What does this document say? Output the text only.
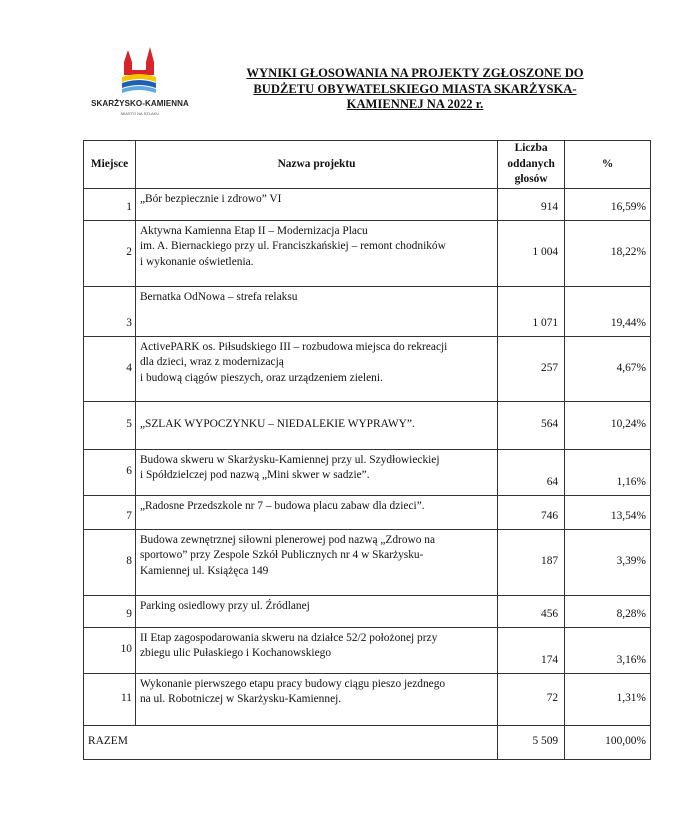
SKARŻYSKO-KAMIENNA
MIASTO NA SZLAKU
WYNIKI GŁOSOWANIA NA PROJEKTY ZGŁOSZONE DO
BUDŻETU OBYWATELSKIEGO MIASTA SKARŻYSKA-
KAMIENNEJ NA 2022 r.
Miejsce	Nazwa projektu	Liczba
oddanych
głosów	%
1	„Bór bezpiecznie i zdrowo” VI	914	16,59%
2	Aktywna Kamienna Etap II – Modernizacja Placu
im. A. Biernackiego przy ul. Franciszkańskiej – remont chodników
i wykonanie oświetlenia.	1 004	18,22%
3	Bernatka OdNowa – strefa relaksu	1 071	19,44%
4	ActivePARK os. Piłsudskiego III – rozbudowa miejsca do rekreacji
dla dzieci, wraz z modernizacją
i budową ciągów pieszych, oraz urządzeniem zieleni.	257	4,67%
5	„SZLAK WYPOCZYNKU – NIEDALEKIE WYPRAWY”.	564	10,24%
6	Budowa skweru w Skarżysku-Kamiennej przy ul. Szydłowieckiej
i Spółdzielczej pod nazwą „Mini skwer w sadzie”.	64	1,16%
7	„Radosne Przedszkole nr 7 – budowa placu zabaw dla dzieci”.	746	13,54%
8	Budowa zewnętrznej siłowni plenerowej pod nazwą „Zdrowo na
sportowo” przy Zespole Szkół Publicznych nr 4 w Skarżysku-
Kamiennej ul. Książęca 149	187	3,39%
9	Parking osiedlowy przy ul. Źródlanej	456	8,28%
10	II Etap zagospodarowania skweru na działce 52/2 położonej przy
zbiegu ulic Pułaskiego i Kochanowskiego	174	3,16%
11	Wykonanie pierwszego etapu pracy budowy ciągu pieszo jezdnego
na ul. Robotniczej w Skarżysku-Kamiennej.	72	1,31%
RAZEM		5 509	100,00%
